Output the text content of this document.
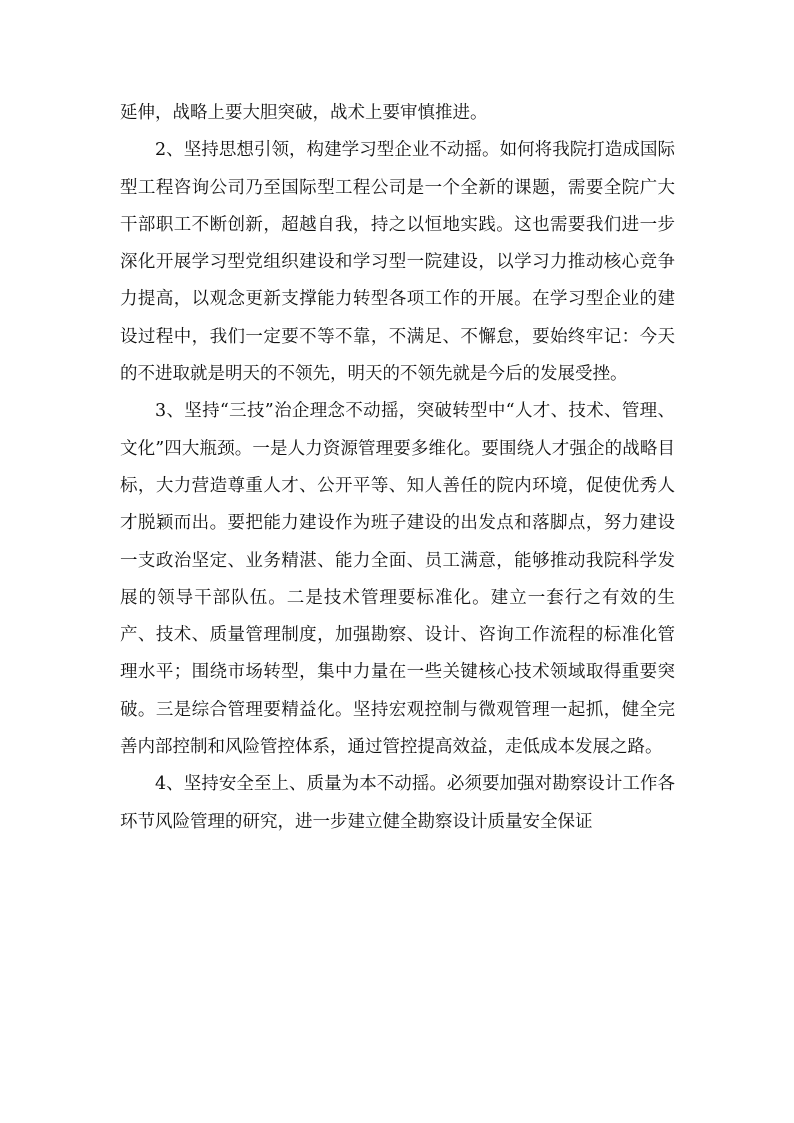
延伸，战略上要大胆突破，战术上要审慎推进。

2、坚持思想引领，构建学习型企业不动摇。如何将我院打造成国际型工程咨询公司乃至国际型工程公司是一个全新的课题，需要全院广大干部职工不断创新，超越自我，持之以恒地实践。这也需要我们进一步深化开展学习型党组织建设和学习型一院建设，以学习力推动核心竞争力提高，以观念更新支撑能力转型各项工作的开展。在学习型企业的建设过程中，我们一定要不等不靠，不满足、不懈怠，要始终牢记：今天的不进取就是明天的不领先，明天的不领先就是今后的发展受挫。

3、坚持“三技”治企理念不动摇，突破转型中“人才、技术、管理、文化”四大瓶颈。一是人力资源管理要多维化。要围绕人才强企的战略目标，大力营造尊重人才、公开平等、知人善任的院内环境，促使优秀人才脱颖而出。要把能力建设作为班子建设的出发点和落脚点，努力建设一支政治坚定、业务精湛、能力全面、员工满意，能够推动我院科学发展的领导干部队伍。二是技术管理要标准化。建立一套行之有效的生产、技术、质量管理制度，加强勘察、设计、咨询工作流程的标准化管理水平；围绕市场转型，集中力量在一些关键核心技术领域取得重要突破。三是综合管理要精益化。坚持宏观控制与微观管理一起抓，健全完善内部控制和风险管控体系，通过管控提高效益，走低成本发展之路。

4、坚持安全至上、质量为本不动摇。必须要加强对勘察设计工作各环节风险管理的研究，进一步建立健全勘察设计质量安全保证
